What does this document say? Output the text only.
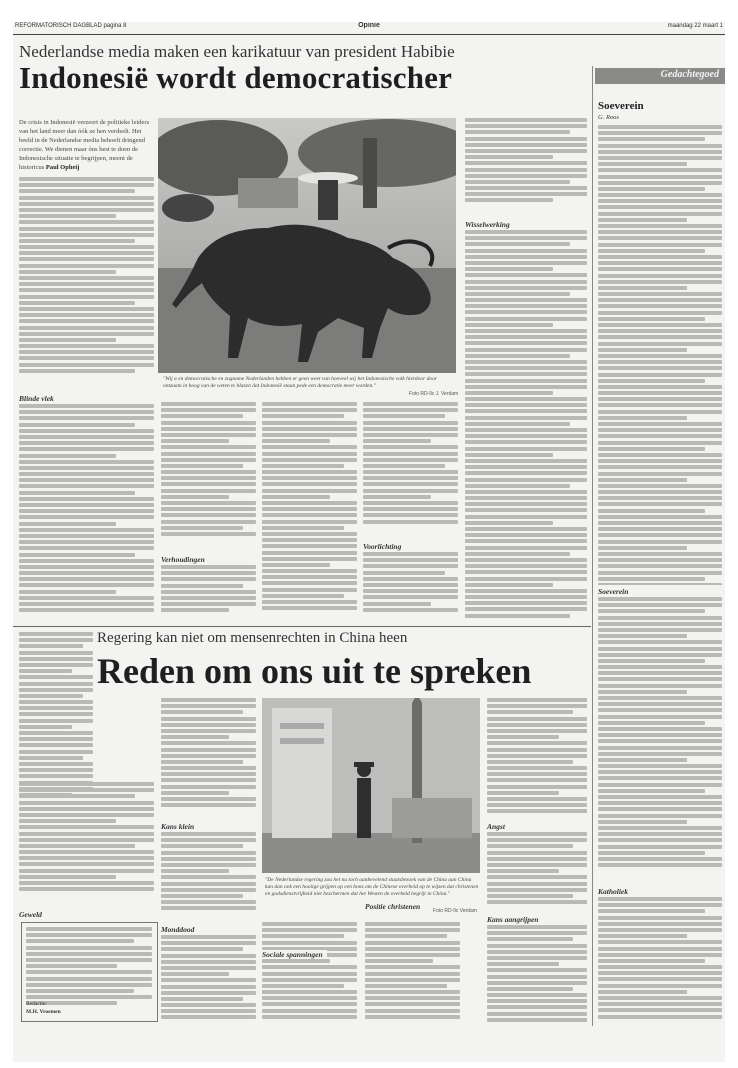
REFORMATORISCH DAGBLAD pagina 8	Opinie	maandag 22 maart 1
Nederlandse media maken een karikatuur van president Habibie
Indonesië wordt democratischer
De crisis in Indonesië verzeert de politieke leiders van het land meer dan óók ze hen verdeelt. Het beeld in de Nederlandse media behoeft dringend correctie. We dienen maar óns best te doen de Indonesische situatie te begrijpen, meent de historicus Paul Opheij
Blinde vlek
"Wij a en democratische en zogname Nederlanden hebben er geen weet van hoeveel wij het Indonesische volk hierdoor door ontzaam in hoog van de weten te blazen dat Indonesië staan pede een democratie meer worden."
Foto RD-Ilc J. Verdam
Verhoudingen
Voorlichting
Wisselwerking
Gedachtegoed
Soeverein
G. Roos
Soeverein
Katholiek
Regering kan niet om mensenrechten in China heen
Reden om ons uit te spreken
Geweld
Redactie:
M.H. Vroemen
"De Nederlandse regering zou het nu toch aanbevelend staatsbezoek van de China aan China kan dan ook een hooiige grijpen op een bons om de Chinese overheid op te wijzen dat christenen en godsdienstvrijheid niet beschermen dat het Westen de overheid begrijt in China."
Foto RD-Ilc Verdam
Kans klein
Monddood
Sociale spanningen
Positie christenen
Angst
Kans aangrijpen
